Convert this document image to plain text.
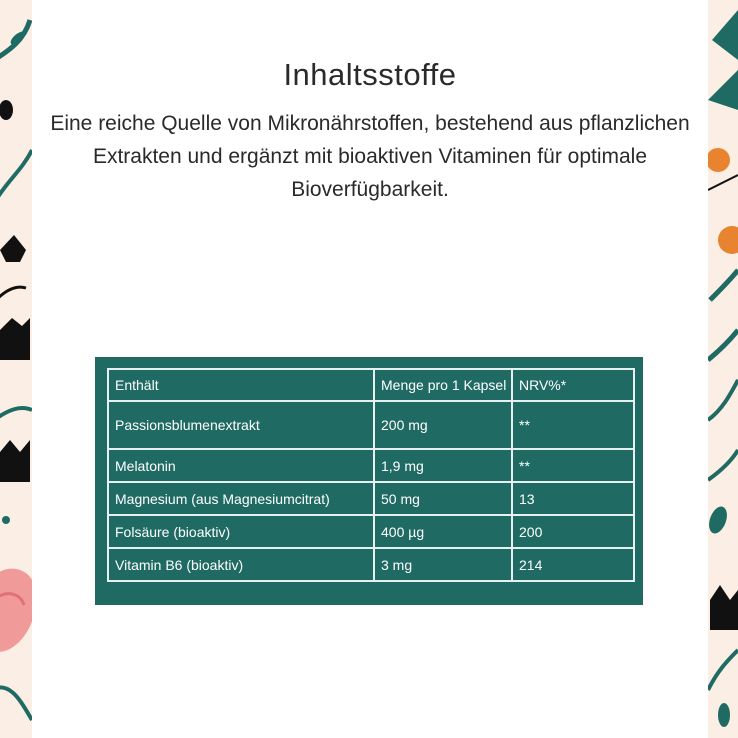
Inhaltsstoffe
Eine reiche Quelle von Mikronährstoffen, bestehend aus pflanzlichen Extrakten und ergänzt mit bioaktiven Vitaminen für optimale Bioverfügbarkeit.
Enthält	Menge pro 1 Kapsel	NRV%*
Passionsblumenextrakt	200 mg	**
Melatonin	1,9 mg	**
Magnesium (aus Magnesiumcitrat)	50 mg	13
Folsäure (bioaktiv)	400 µg	200
Vitamin B6 (bioaktiv)	3 mg	214
